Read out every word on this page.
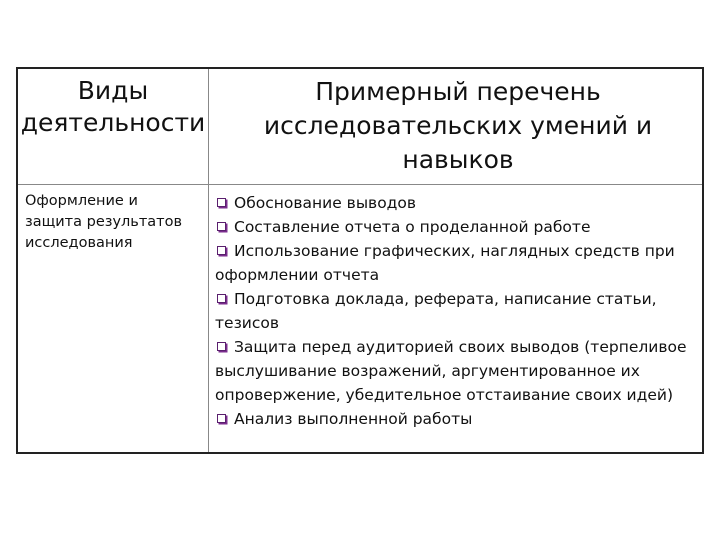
Виды
деятельности
Примерный перечень
исследовательских умений и
навыков
Оформление и
защита результатов
исследования
Обоснование выводов
Составление отчета о проделанной работе
Использование графических, наглядных средств при оформлении отчета
Подготовка доклада, реферата, написание статьи, тезисов
Защита перед аудиторией своих выводов (терпеливое выслушивание возражений, аргументированное их опровержение, убедительное отстаивание своих идей)
Анализ выполненной работы
